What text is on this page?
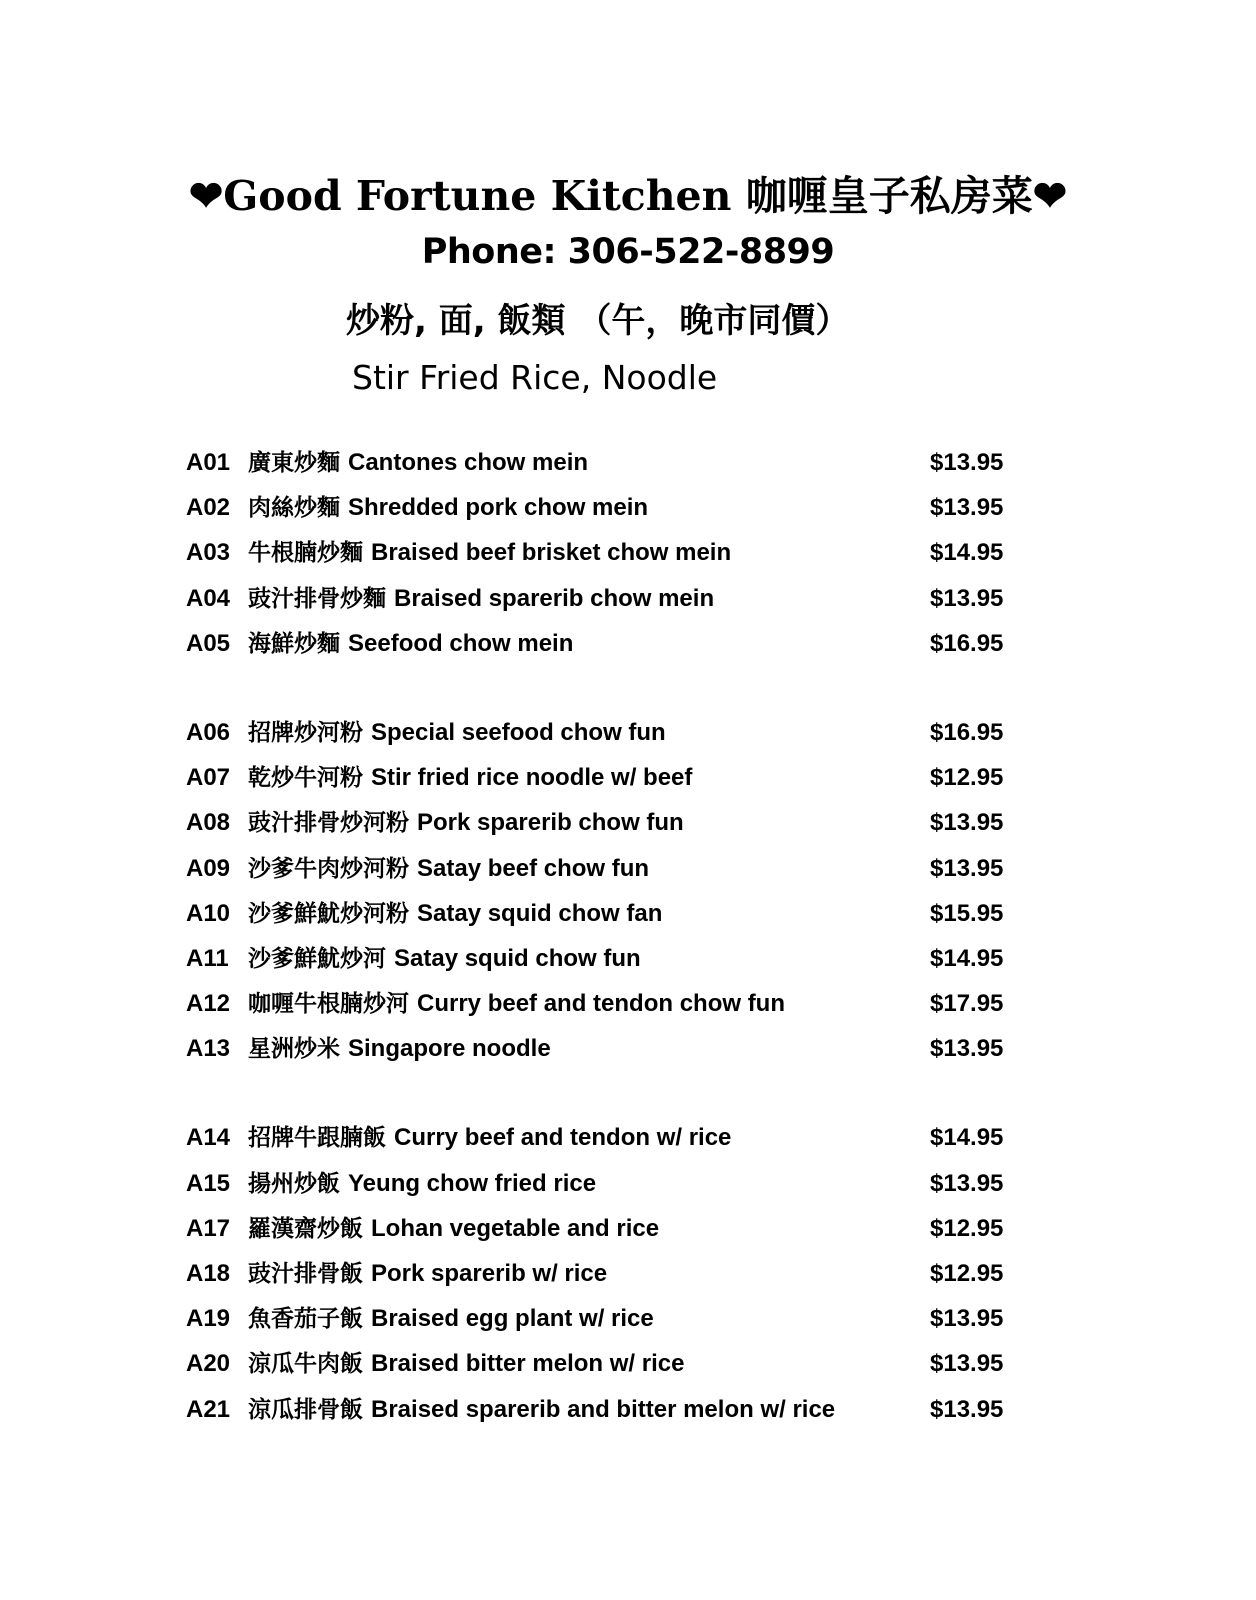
❤Good Fortune Kitchen 咖喱皇子私房菜❤
Phone: 306-522-8899
炒粉, 面, 飯類 （午，晚市同價）
Stir Fried Rice, Noodle
A01 廣東炒麵 Cantones chow mein	$13.95
A02 肉絲炒麵 Shredded pork chow mein	$13.95
A03 牛根腩炒麵 Braised beef brisket chow mein	$14.95
A04 豉汁排骨炒麵 Braised sparerib chow mein	$13.95
A05 海鮮炒麵 Seefood chow mein	$16.95
A06 招牌炒河粉 Special seefood chow fun	$16.95
A07 乾炒牛河粉 Stir fried rice noodle w/ beef	$12.95
A08 豉汁排骨炒河粉 Pork sparerib chow fun	$13.95
A09 沙爹牛肉炒河粉 Satay beef chow fun	$13.95
A10 沙爹鮮魷炒河粉 Satay squid chow fan	$15.95
A11 沙爹鮮魷炒河 Satay squid chow fun	$14.95
A12 咖喱牛根腩炒河 Curry beef and tendon chow fun	$17.95
A13 星洲炒米 Singapore noodle	$13.95
A14 招牌牛跟腩飯 Curry beef and tendon w/ rice	$14.95
A15 揚州炒飯 Yeung chow fried rice	$13.95
A17 羅漢齋炒飯 Lohan vegetable and rice	$12.95
A18 豉汁排骨飯 Pork sparerib w/ rice	$12.95
A19 魚香茄子飯 Braised egg plant w/ rice	$13.95
A20 涼瓜牛肉飯 Braised bitter melon w/ rice	$13.95
A21 涼瓜排骨飯 Braised sparerib and bitter melon w/ rice	$13.95
